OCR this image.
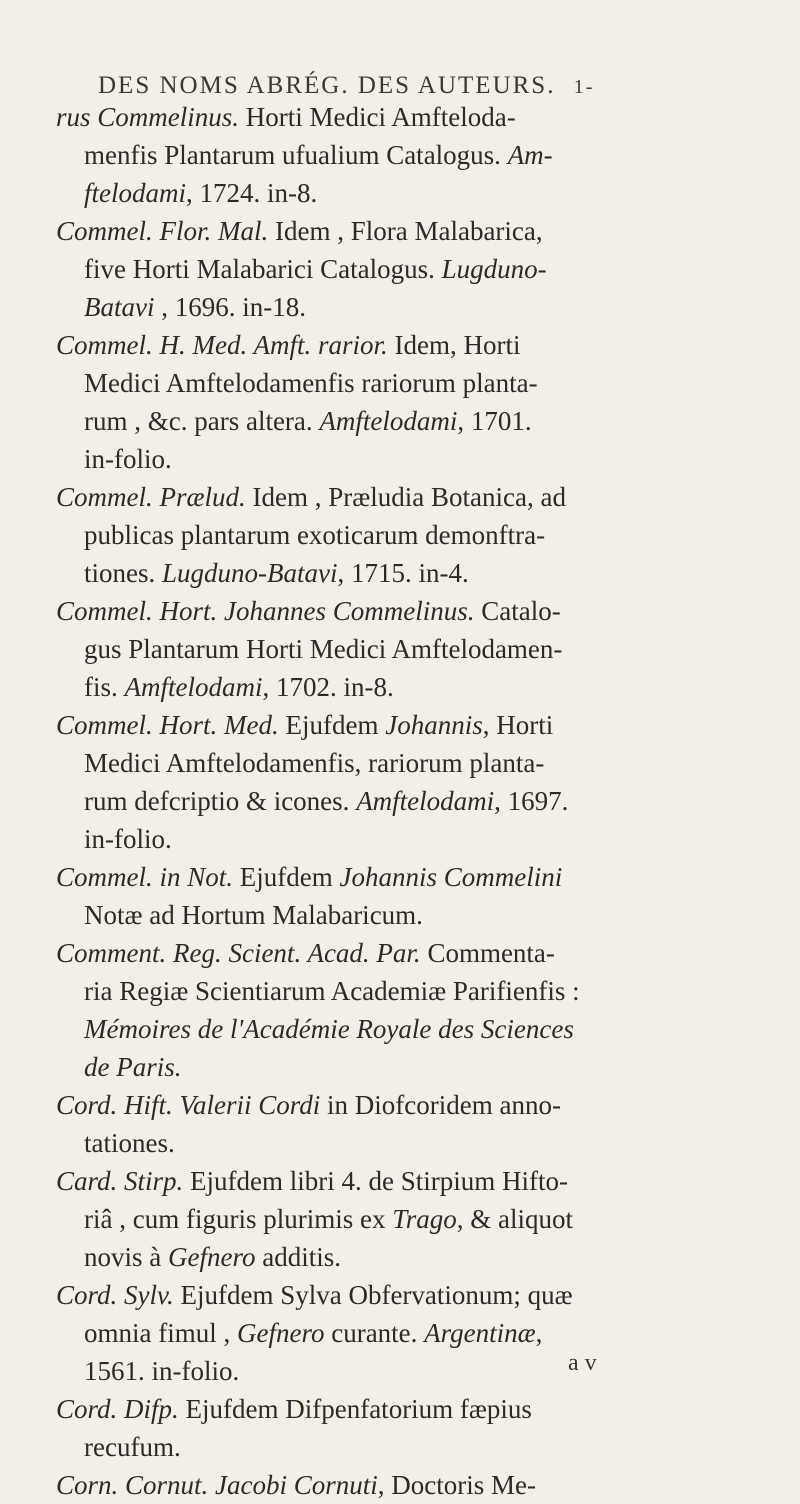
DES NOMS ABRÉG. DES AUTEURS. 1-
rus Commelinus. Horti Medici Amfteloda-
menfis Plantarum ufualium Catalogus. Am-
ftelodami, 1724. in-8.
Commel. Flor. Mal. Idem , Flora Malabarica,
five Horti Malabarici Catalogus. Lugduno-
Batavi , 1696. in-18.
Commel. H. Med. Amft. rarior. Idem, Horti
Medici Amftelodamenfis rariorum planta-
rum , &c. pars altera. Amftelodami, 1701.
in-folio.
Commel. Prælud. Idem , Præludia Botanica, ad
publicas plantarum exoticarum demonftra-
tiones. Lugduno-Batavi, 1715. in-4.
Commel. Hort. Johannes Commelinus. Catalo-
gus Plantarum Horti Medici Amftelodamen-
fis. Amftelodami, 1702. in-8.
Commel. Hort. Med. Ejufdem Johannis, Horti
Medici Amftelodamenfis, rariorum planta-
rum defcriptio & icones. Amftelodami, 1697.
in-folio.
Commel. in Not. Ejufdem Johannis Commelini
Notæ ad Hortum Malabaricum.
Comment. Reg. Scient. Acad. Par. Commenta-
ria Regiæ Scientiarum Academiæ Parifienfis :
Mémoires de l'Académie Royale des Sciences
de Paris.
Cord. Hift. Valerii Cordi in Diofcoridem anno-
tationes.
Card. Stirp. Ejufdem libri 4. de Stirpium Hifto-
riâ , cum figuris plurimis ex Trago, & aliquot
novis à Gefnero additis.
Cord. Sylv. Ejufdem Sylva Obfervationum; quæ
omnia fimul , Gefnero curante. Argentinæ,
1561. in-folio.
Cord. Difp. Ejufdem Difpenfatorium fæpius
recufum.
Corn. Cornut. Jacobi Cornuti, Doctoris Me-
a v
